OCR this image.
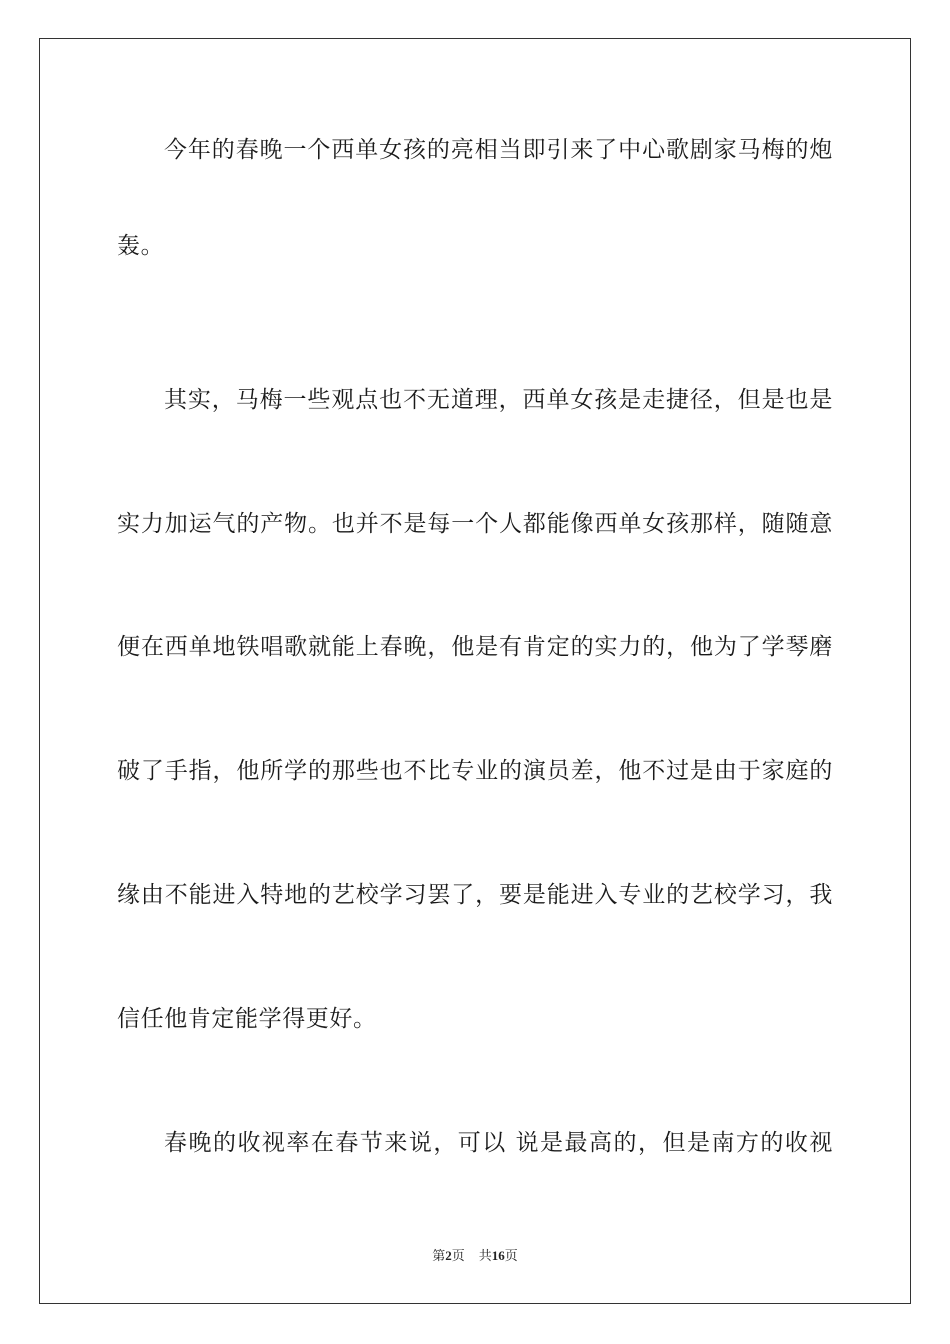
今年的春晚一个西单女孩的亮相当即引来了中心歌剧家马梅的炮
轰。
其实，马梅一些观点也不无道理，西单女孩是走捷径，但是也是
实力加运气的产物。也并不是每一个人都能像西单女孩那样，随随意
便在西单地铁唱歌就能上春晚，他是有肯定的实力的，他为了学琴磨
破了手指，他所学的那些也不比专业的演员差，他不过是由于家庭的
缘由不能进入特地的艺校学习罢了，要是能进入专业的艺校学习，我
信任他肯定能学得更好。
春晚的收视率在春节来说，可以 说是最高的，但是南方的收视
第2页 共16页
